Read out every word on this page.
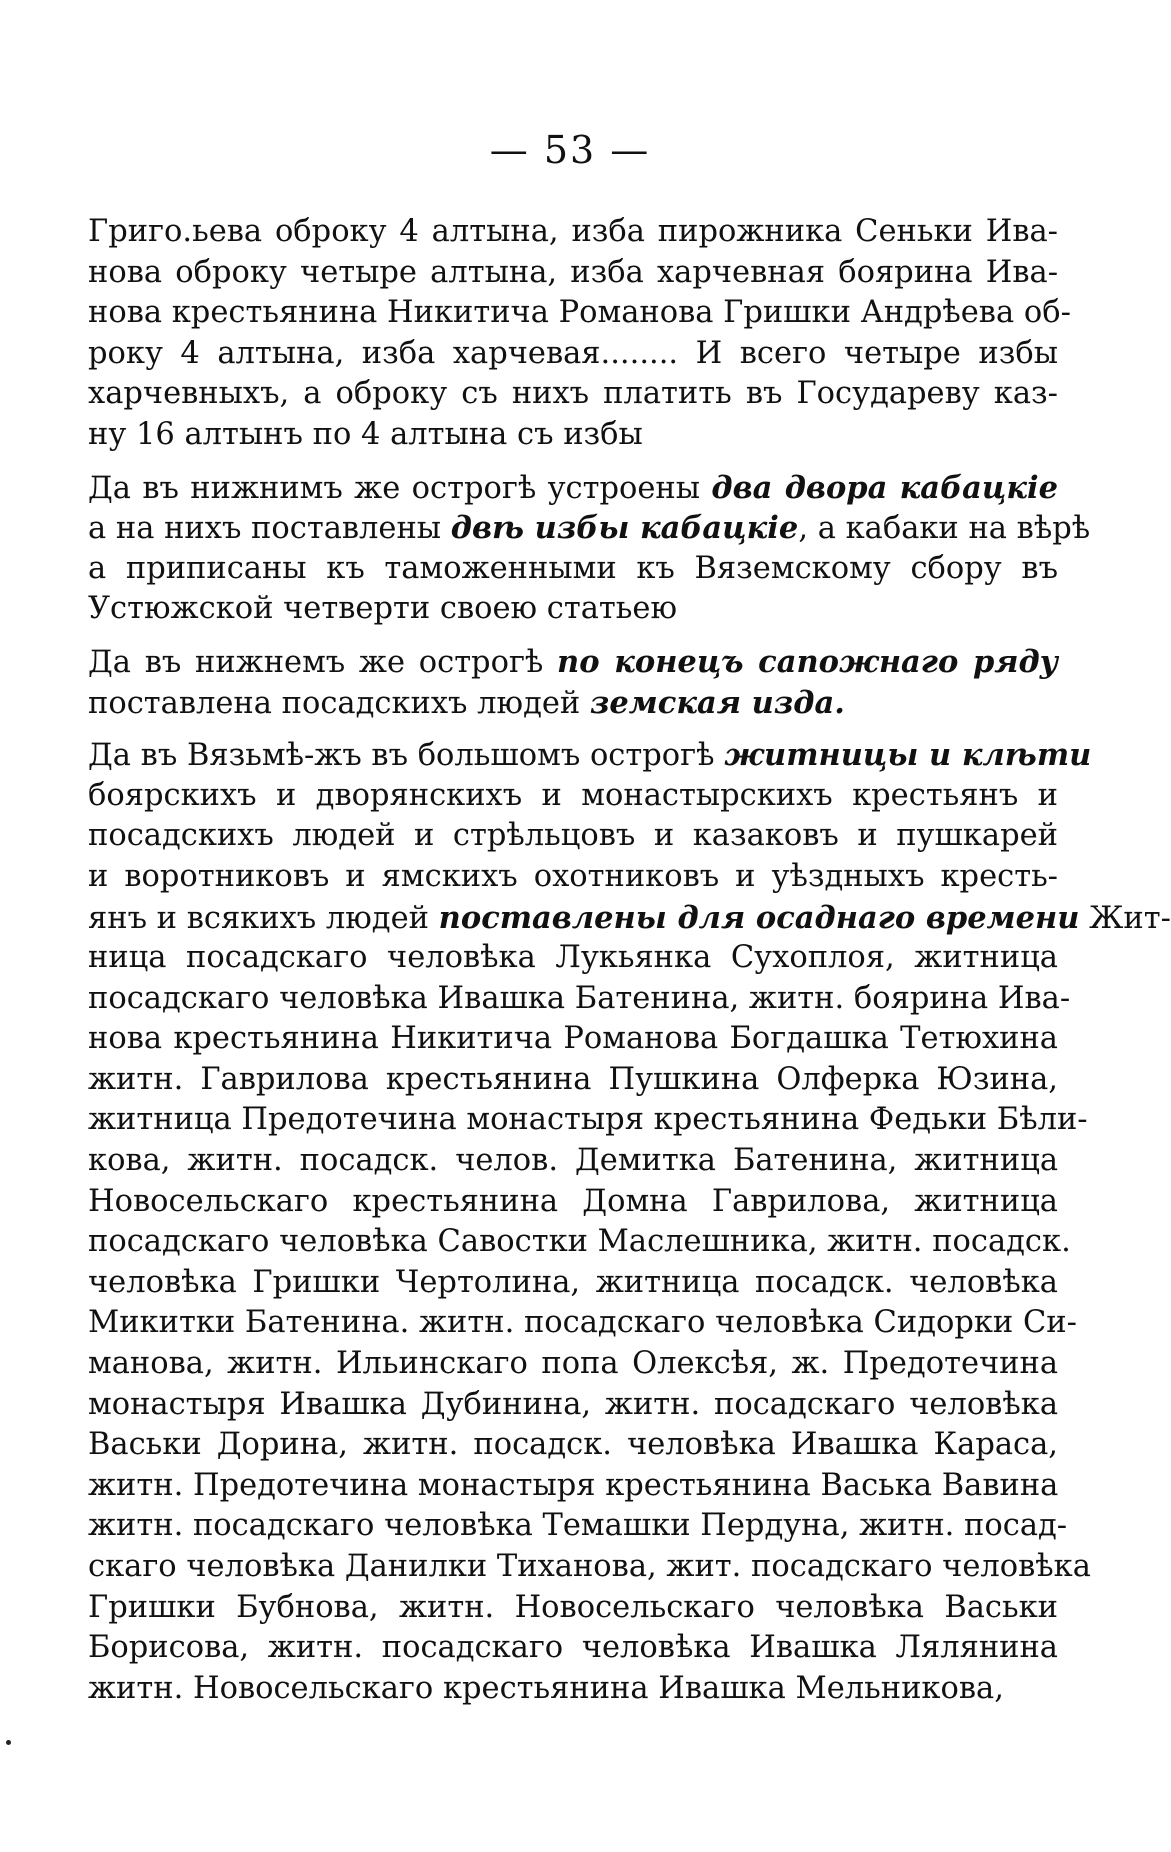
— 53 —
Григо.ьева оброку 4 алтына, изба пирожника Сеньки Ива-
нова оброку четыре алтына, изба харчевная боярина Ива-
нова крестьянина Никитича Романова Гришки Андрѣева об-
року 4 алтына, изба харчевая........ И всего четыре избы
харчевныхъ, а оброку съ нихъ платить въ Государеву каз-
ну 16 алтынъ по 4 алтына съ избы
Да въ нижнимъ же острогѣ устроены два двора кабацкіе
а на нихъ поставлены двѣ избы кабацкіе, а кабаки на вѣрѣ
а приписаны къ таможенными къ Вяземскому сбору въ
Устюжской четверти своею статьею
Да въ нижнемъ же острогѣ по конецъ сапожнаго ряду
поставлена посадскихъ людей земская изда.
Да въ Вязьмѣ-жъ въ большомъ острогѣ житницы и клѣти
боярскихъ и дворянскихъ и монастырскихъ крестьянъ и
посадскихъ людей и стрѣльцовъ и казаковъ и пушкарей
и воротниковъ и ямскихъ охотниковъ и уѣздныхъ кресть-
янъ и всякихъ людей поставлены для осаднаго времени Жит-
ница посадскаго человѣка Лукьянка Сухоплоя, житница
посадскаго человѣка Ивашка Батенина, житн. боярина Ива-
нова крестьянина Никитича Романова Богдашка Тетюхина
житн. Гаврилова крестьянина Пушкина Олферка Юзина,
житница Предотечина монастыря крестьянина Федьки Бѣли-
кова, житн. посадск. челов. Демитка Батенина, житница
Новосельскаго крестьянина Домна Гаврилова, житница
посадскаго человѣка Савостки Маслешника, житн. посадск.
человѣка Гришки Чертолина, житница посадск. человѣка
Микитки Батенина. житн. посадскаго человѣка Сидорки Си-
манова, житн. Ильинскаго попа Олексѣя, ж. Предотечина
монастыря Ивашка Дубинина, житн. посадскаго человѣка
Васьки Дорина, житн. посадск. человѣка Ивашка Караса,
житн. Предотечина монастыря крестьянина Васька Вавина
житн. посадскаго человѣка Темашки Пердуна, житн. посад-
скаго человѣка Данилки Тиханова, жит. посадскаго человѣка
Гришки Бубнова, житн. Новосельскаго человѣка Васьки
Борисова, житн. посадскаго человѣка Ивашка Лялянина
житн. Новосельскаго крестьянина Ивашка Мельникова,
